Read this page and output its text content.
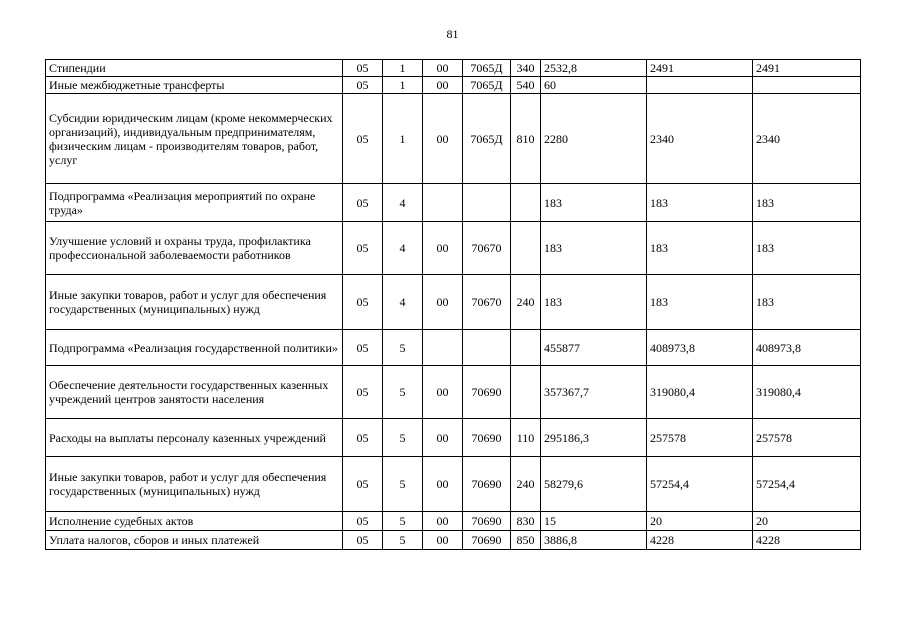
81
Стипендии	05	1	00	7065Д	340	2532,8	2491	2491
Иные межбюджетные трансферты	05	1	00	7065Д	540	60		
Субсидии юридическим лицам (кроме некоммерческих организаций), индивидуальным предпринимателям, физическим лицам - производителям товаров, работ, услуг	05	1	00	7065Д	810	2280	2340	2340
Подпрограмма «Реализация мероприятий по охране труда»	05	4				183	183	183
Улучшение условий и охраны труда, профилактика профессиональной заболеваемости работников	05	4	00	70670		183	183	183
Иные закупки товаров, работ и услуг для обеспечения государственных (муниципальных) нужд	05	4	00	70670	240	183	183	183
Подпрограмма «Реализация государственной политики»	05	5				455877	408973,8	408973,8
Обеспечение деятельности государственных казенных учреждений центров занятости населения	05	5	00	70690		357367,7	319080,4	319080,4
Расходы на выплаты персоналу казенных учреждений	05	5	00	70690	110	295186,3	257578	257578
Иные закупки товаров, работ и услуг для обеспечения государственных (муниципальных) нужд	05	5	00	70690	240	58279,6	57254,4	57254,4
Исполнение судебных актов	05	5	00	70690	830	15	20	20
Уплата налогов, сборов и иных платежей	05	5	00	70690	850	3886,8	4228	4228
